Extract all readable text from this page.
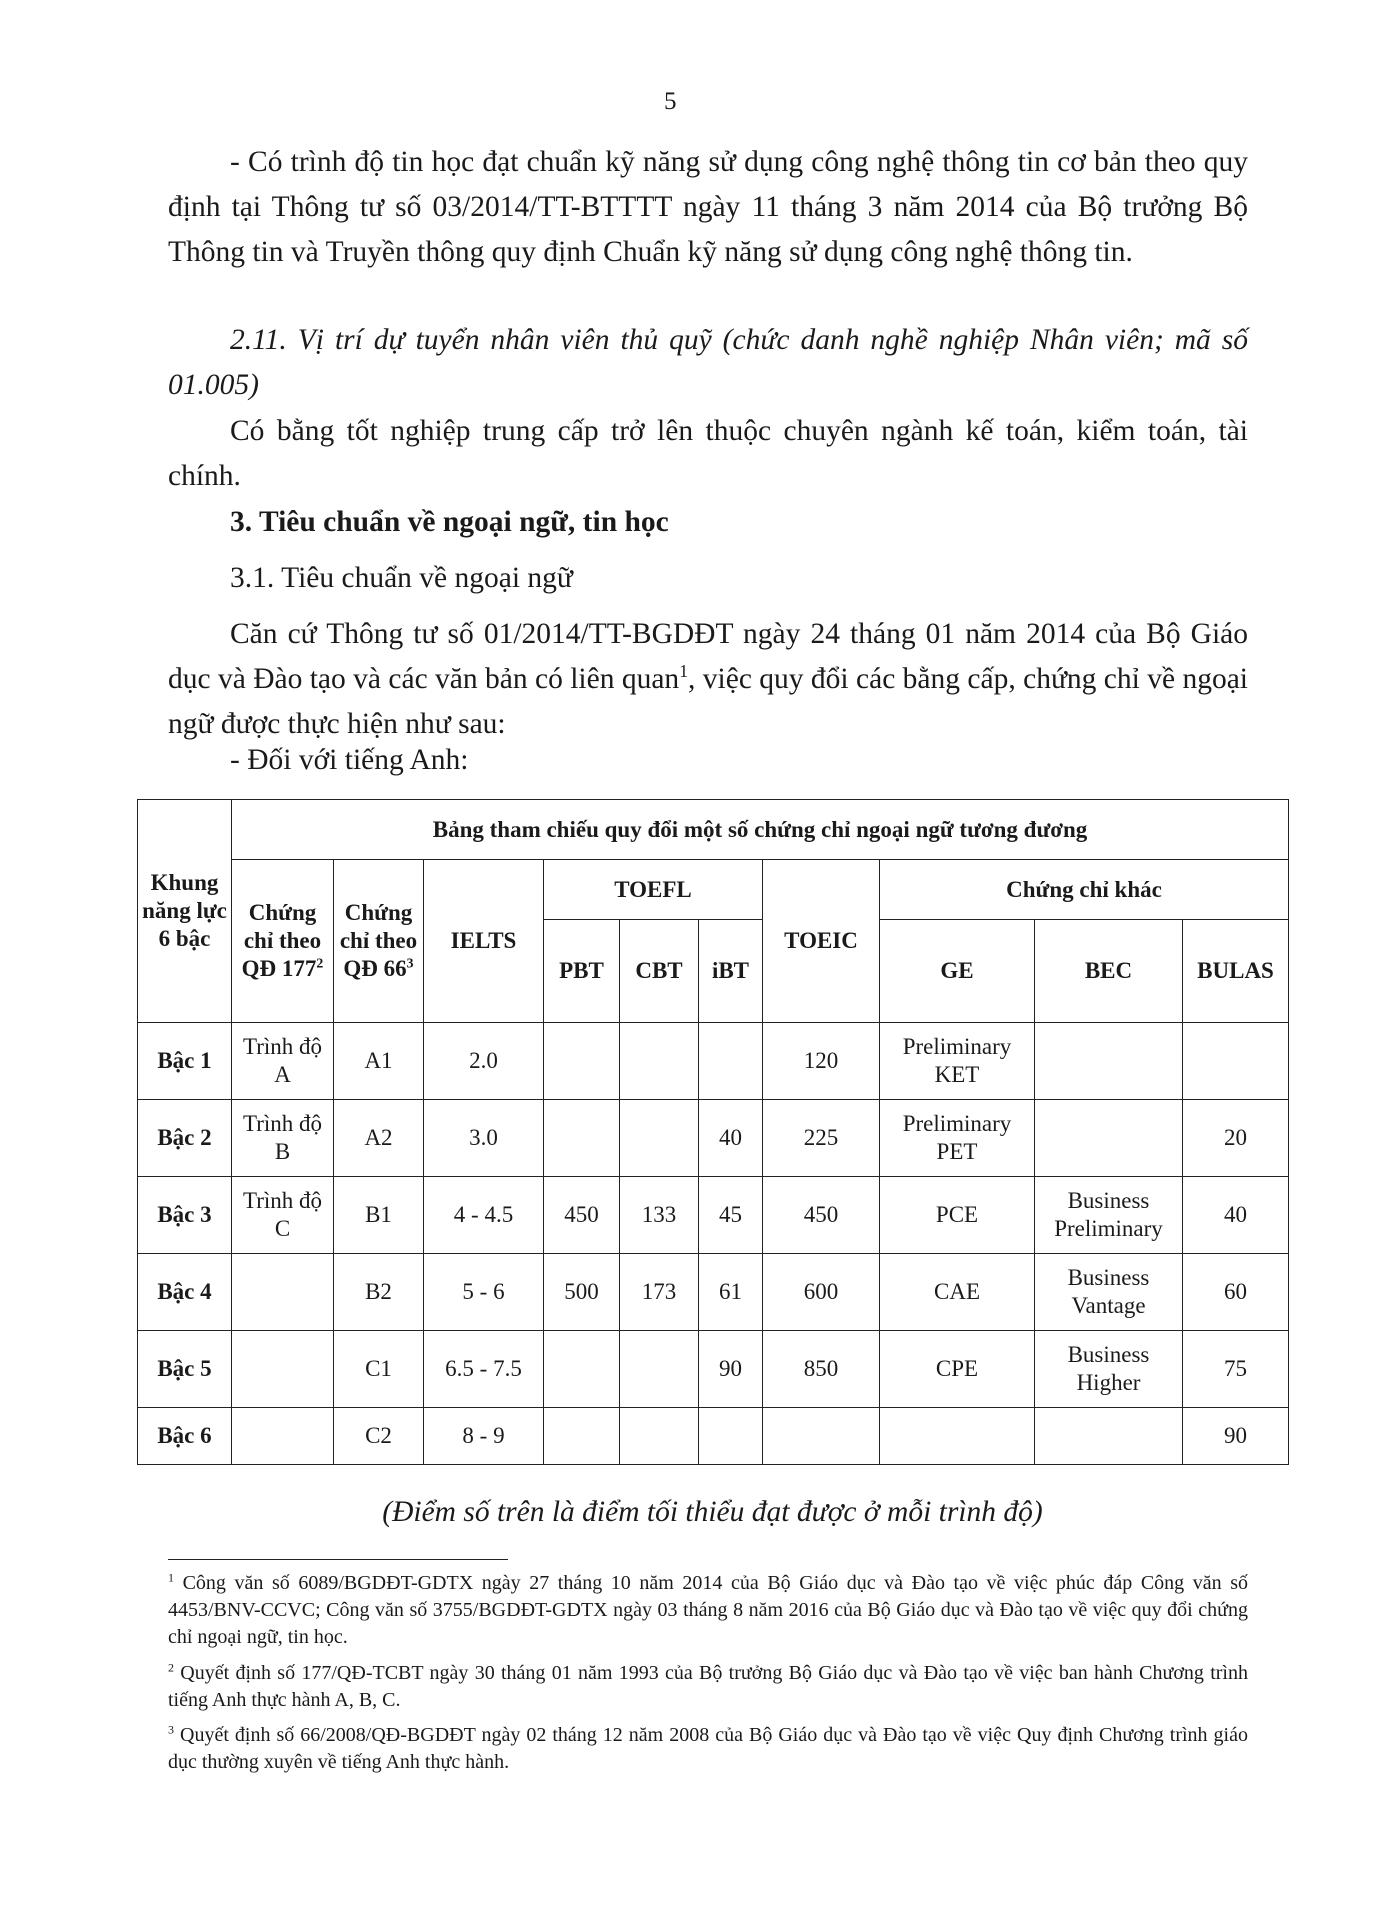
5

- Có trình độ tin học đạt chuẩn kỹ năng sử dụng công nghệ thông tin cơ bản theo quy định tại Thông tư số 03/2014/TT-BTTTT ngày 11 tháng 3 năm 2014 của Bộ trưởng Bộ Thông tin và Truyền thông quy định Chuẩn kỹ năng sử dụng công nghệ thông tin.

2.11. Vị trí dự tuyển nhân viên thủ quỹ (chức danh nghề nghiệp Nhân viên; mã số 01.005)

Có bằng tốt nghiệp trung cấp trở lên thuộc chuyên ngành kế toán, kiểm toán, tài chính.

3. Tiêu chuẩn về ngoại ngữ, tin học

3.1. Tiêu chuẩn về ngoại ngữ

Căn cứ Thông tư số 01/2014/TT-BGDĐT ngày 24 tháng 01 năm 2014 của Bộ Giáo dục và Đào tạo và các văn bản có liên quan$^1$, việc quy đổi các bằng cấp, chứng chỉ về ngoại ngữ được thực hiện như sau:

- Đối với tiếng Anh:

Khung năng lực 6 bậc	Bảng tham chiếu quy đổi một số chứng chỉ ngoại ngữ tương đương									
	Chứng chỉ theo QĐ $177^2$	Chứng chỉ theo QĐ $66^3$	IELTS	TOEFL			TOEIC	Chứng chỉ khác		
				PBT	CBT	iBT		GE	BEC	BULAS
Bậc 1	Trình độ A	A1	2.0				120	Preliminary KET		
Bậc 2	Trình độ B	A2	3.0			40	225	Preliminary PET		20
Bậc 3	Trình độ C	B1	4 - 4.5	450	133	45	450	PCE	Business Preliminary	40
Bậc 4		B2	5 - 6	500	173	61	600	CAE	Business Vantage	60
Bậc 5		C1	6.5 - 7.5			90	850	CPE	Business Higher	75
Bậc 6		C2	8 - 9							90
(Điểm số trên là điểm tối thiểu đạt được ở mỗi trình độ)

$^1$ Công văn số 6089/BGDĐT-GDTX ngày 27 tháng 10 năm 2014 của Bộ Giáo dục và Đào tạo về việc phúc đáp Công văn số 4453/BNV-CCVC; Công văn số 3755/BGDĐT-GDTX ngày 03 tháng 8 năm 2016 của Bộ Giáo dục và Đào tạo về việc quy đổi chứng chỉ ngoại ngữ, tin học.

$^2$ Quyết định số 177/QĐ-TCBT ngày 30 tháng 01 năm 1993 của Bộ trưởng Bộ Giáo dục và Đào tạo về việc ban hành Chương trình tiếng Anh thực hành A, B, C.

$^3$ Quyết định số 66/2008/QĐ-BGDĐT ngày 02 tháng 12 năm 2008 của Bộ Giáo dục và Đào tạo về việc Quy định Chương trình giáo dục thường xuyên về tiếng Anh thực hành.
